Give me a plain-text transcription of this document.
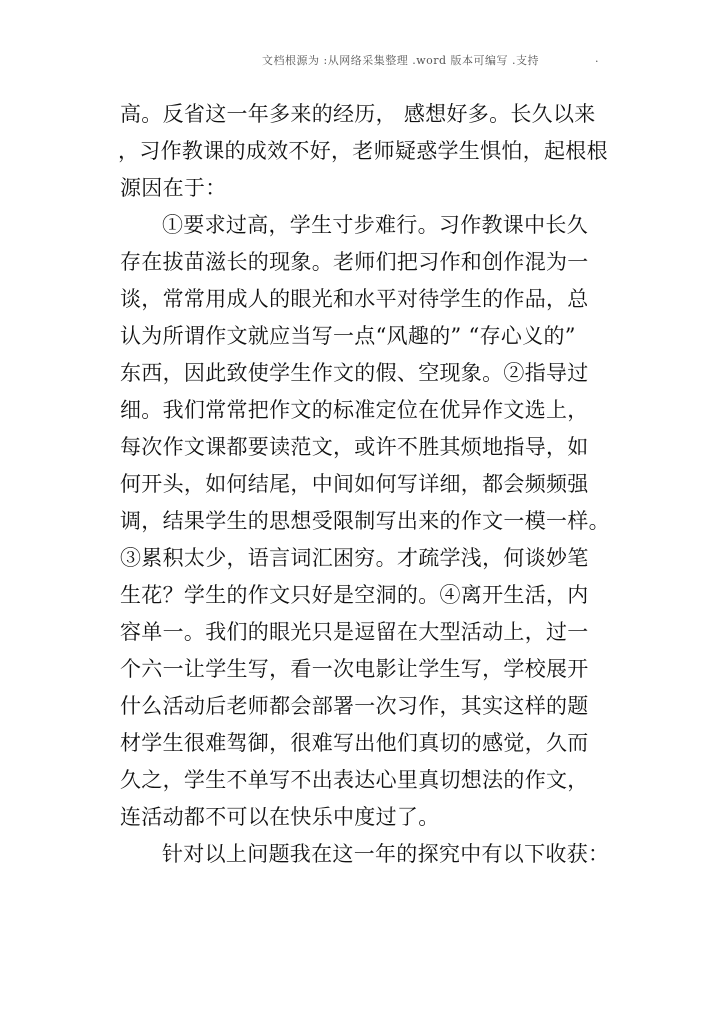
文档根源为 :从网络采集整理 .word 版本可编写 .支持	.
高。反省这一年多来的经历， 感想好多。长久以来
，习作教课的成效不好，老师疑惑学生惧怕，起根根
源因在于：
①要求过高，学生寸步难行。习作教课中长久
存在拔苗滋长的现象。老师们把习作和创作混为一
谈，常常用成人的眼光和水平对待学生的作品，总
认为所谓作文就应当写一点“风趣的” “存心义的”
东西，因此致使学生作文的假、空现象。②指导过
细。我们常常把作文的标准定位在优异作文选上，
每次作文课都要读范文，或许不胜其烦地指导，如
何开头，如何结尾，中间如何写详细，都会频频强
调，结果学生的思想受限制写出来的作文一模一样。
③累积太少，语言词汇困穷。才疏学浅，何谈妙笔
生花？学生的作文只好是空洞的。④离开生活，内
容单一。我们的眼光只是逗留在大型活动上，过一
个六一让学生写，看一次电影让学生写，学校展开
什么活动后老师都会部署一次习作，其实这样的题
材学生很难驾御，很难写出他们真切的感觉，久而
久之，学生不单写不出表达心里真切想法的作文，
连活动都不可以在快乐中度过了。
针对以上问题我在这一年的探究中有以下收获：
